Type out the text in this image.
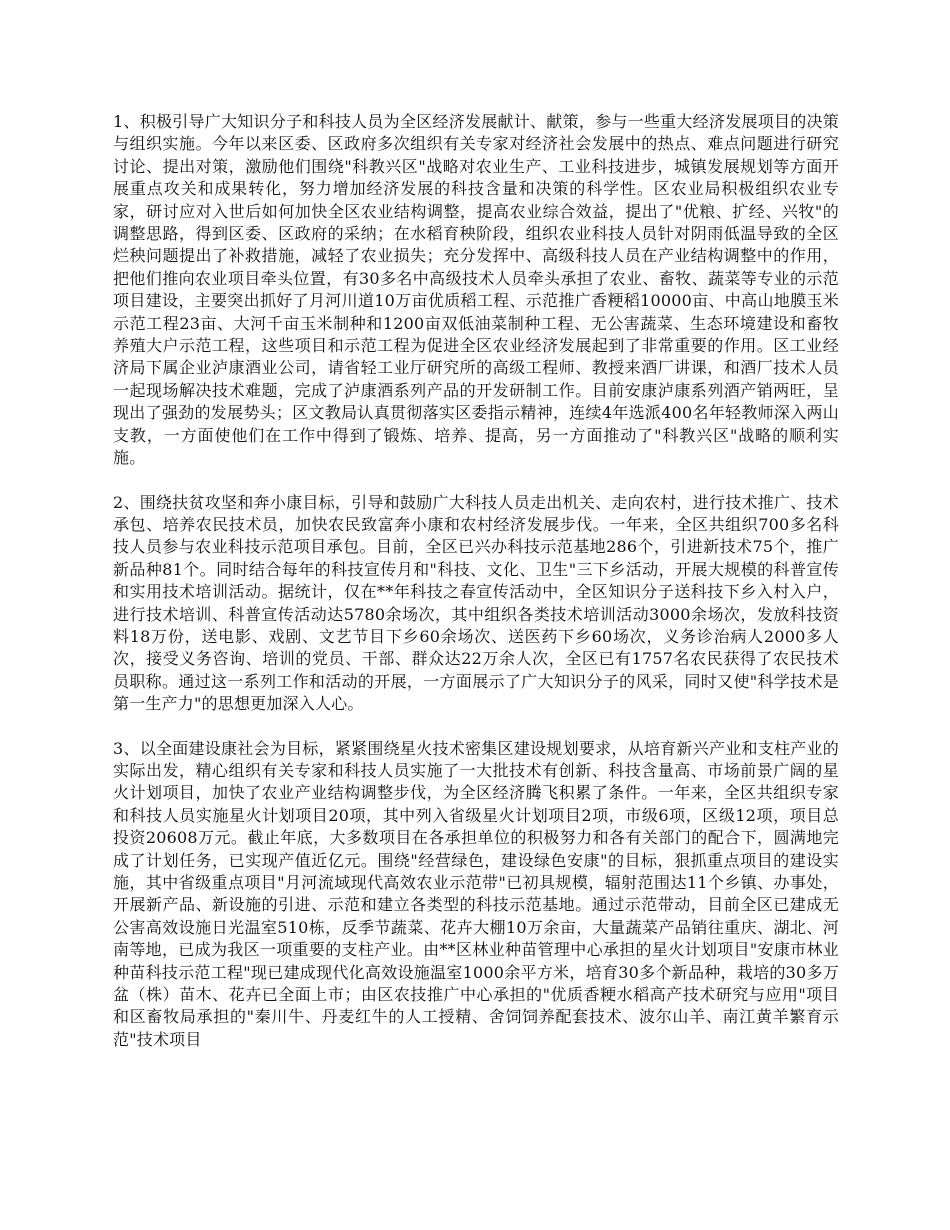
1、积极引导广大知识分子和科技人员为全区经济发展献计、献策，参与一些重大经济发展项目的决策与组织实施。今年以来区委、区政府多次组织有关专家对经济社会发展中的热点、难点问题进行研究讨论、提出对策，激励他们围绕"科教兴区"战略对农业生产、工业科技进步，城镇发展规划等方面开展重点攻关和成果转化，努力增加经济发展的科技含量和决策的科学性。区农业局积极组织农业专家，研讨应对入世后如何加快全区农业结构调整，提高农业综合效益，提出了"优粮、扩经、兴牧"的调整思路，得到区委、区政府的采纳；在水稻育秧阶段，组织农业科技人员针对阴雨低温导致的全区烂秧问题提出了补救措施，减轻了农业损失；充分发挥中、高级科技人员在产业结构调整中的作用，把他们推向农业项目牵头位置，有30多名中高级技术人员牵头承担了农业、畜牧、蔬菜等专业的示范项目建设，主要突出抓好了月河川道10万亩优质稻工程、示范推广香粳稻10000亩、中高山地膜玉米示范工程23亩、大河千亩玉米制种和1200亩双低油菜制种工程、无公害蔬菜、生态环境建设和畜牧养殖大户示范工程，这些项目和示范工程为促进全区农业经济发展起到了非常重要的作用。区工业经济局下属企业泸康酒业公司，请省轻工业厅研究所的高级工程师、教授来酒厂讲课，和酒厂技术人员一起现场解决技术难题，完成了泸康酒系列产品的开发研制工作。目前安康泸康系列酒产销两旺，呈现出了强劲的发展势头；区文教局认真贯彻落实区委指示精神，连续4年选派400名年轻教师深入两山支教，一方面使他们在工作中得到了锻炼、培养、提高，另一方面推动了"科教兴区"战略的顺利实施。

2、围绕扶贫攻坚和奔小康目标，引导和鼓励广大科技人员走出机关、走向农村，进行技术推广、技术承包、培养农民技术员，加快农民致富奔小康和农村经济发展步伐。一年来，全区共组织700多名科技人员参与农业科技示范项目承包。目前，全区已兴办科技示范基地286个，引进新技术75个，推广新品种81个。同时结合每年的科技宣传月和"科技、文化、卫生"三下乡活动，开展大规模的科普宣传和实用技术培训活动。据统计，仅在**年科技之春宣传活动中，全区知识分子送科技下乡入村入户，进行技术培训、科普宣传活动达5780余场次，其中组织各类技术培训活动3000余场次，发放科技资料18万份，送电影、戏剧、文艺节目下乡60余场次、送医药下乡60场次，义务诊治病人2000多人次，接受义务咨询、培训的党员、干部、群众达22万余人次，全区已有1757名农民获得了农民技术员职称。通过这一系列工作和活动的开展，一方面展示了广大知识分子的风采，同时又使"科学技术是第一生产力"的思想更加深入人心。

3、以全面建设康社会为目标，紧紧围绕星火技术密集区建设规划要求，从培育新兴产业和支柱产业的实际出发，精心组织有关专家和科技人员实施了一大批技术有创新、科技含量高、市场前景广阔的星火计划项目，加快了农业产业结构调整步伐，为全区经济腾飞积累了条件。一年来，全区共组织专家和科技人员实施星火计划项目20项，其中列入省级星火计划项目2项，市级6项，区级12项，项目总投资20608万元。截止年底，大多数项目在各承担单位的积极努力和各有关部门的配合下，圆满地完成了计划任务，已实现产值近亿元。围绕"经营绿色，建设绿色安康"的目标，狠抓重点项目的建设实施，其中省级重点项目"月河流域现代高效农业示范带"已初具规模，辐射范围达11个乡镇、办事处，开展新产品、新设施的引进、示范和建立各类型的科技示范基地。通过示范带动，目前全区已建成无公害高效设施日光温室510栋，反季节蔬菜、花卉大棚10万余亩，大量蔬菜产品销往重庆、湖北、河南等地，已成为我区一项重要的支柱产业。由**区林业种苗管理中心承担的星火计划项目"安康市林业种苗科技示范工程"现已建成现代化高效设施温室1000余平方米，培育30多个新品种，栽培的30多万盆（株）苗木、花卉已全面上市；由区农技推广中心承担的"优质香粳水稻高产技术研究与应用"项目和区畜牧局承担的"秦川牛、丹麦红牛的人工授精、舍饲饲养配套技术、波尔山羊、南江黄羊繁育示范"技术项目
